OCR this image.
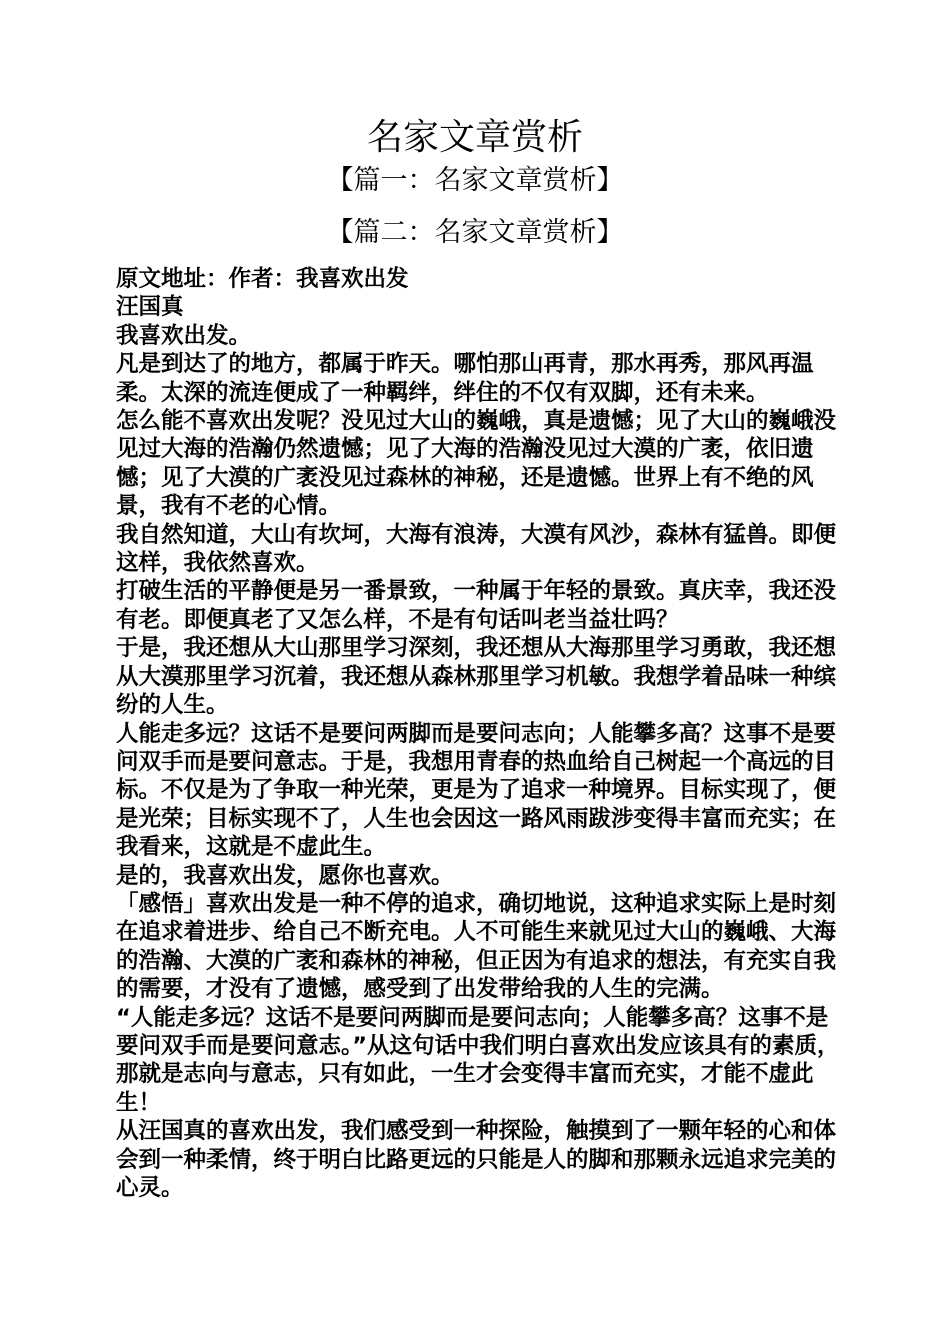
名家文章赏析
【篇一：名家文章赏析】
【篇二：名家文章赏析】

原文地址：作者：我喜欢出发

汪国真

我喜欢出发。

凡是到达了的地方，都属于昨天。哪怕那山再青，那水再秀，那风再温柔。太深的流连便成了一种羁绊，绊住的不仅有双脚，还有未来。

怎么能不喜欢出发呢？没见过大山的巍峨，真是遗憾；见了大山的巍峨没见过大海的浩瀚仍然遗憾；见了大海的浩瀚没见过大漠的广袤，依旧遗憾；见了大漠的广袤没见过森林的神秘，还是遗憾。世界上有不绝的风景，我有不老的心情。

我自然知道，大山有坎坷，大海有浪涛，大漠有风沙，森林有猛兽。即便这样，我依然喜欢。

打破生活的平静便是另一番景致，一种属于年轻的景致。真庆幸，我还没有老。即便真老了又怎么样，不是有句话叫老当益壮吗？

于是，我还想从大山那里学习深刻，我还想从大海那里学习勇敢，我还想从大漠那里学习沉着，我还想从森林那里学习机敏。我想学着品味一种缤纷的人生。

人能走多远？这话不是要问两脚而是要问志向；人能攀多高？这事不是要问双手而是要问意志。于是，我想用青春的热血给自己树起一个高远的目标。不仅是为了争取一种光荣，更是为了追求一种境界。目标实现了，便是光荣；目标实现不了，人生也会因这一路风雨跋涉变得丰富而充实；在我看来，这就是不虚此生。

是的，我喜欢出发，愿你也喜欢。

「感悟」喜欢出发是一种不停的追求，确切地说，这种追求实际上是时刻在追求着进步、给自己不断充电。人不可能生来就见过大山的巍峨、大海的浩瀚、大漠的广袤和森林的神秘，但正因为有追求的想法，有充实自我的需要，才没有了遗憾，感受到了出发带给我的人生的完满。

“人能走多远？这话不是要问两脚而是要问志向；人能攀多高？这事不是要问双手而是要问意志。”从这句话中我们明白喜欢出发应该具有的素质，那就是志向与意志，只有如此，一生才会变得丰富而充实，才能不虚此生！

从汪国真的喜欢出发，我们感受到一种探险，触摸到了一颗年轻的心和体会到一种柔情，终于明白比路更远的只能是人的脚和那颗永远追求完美的心灵。
